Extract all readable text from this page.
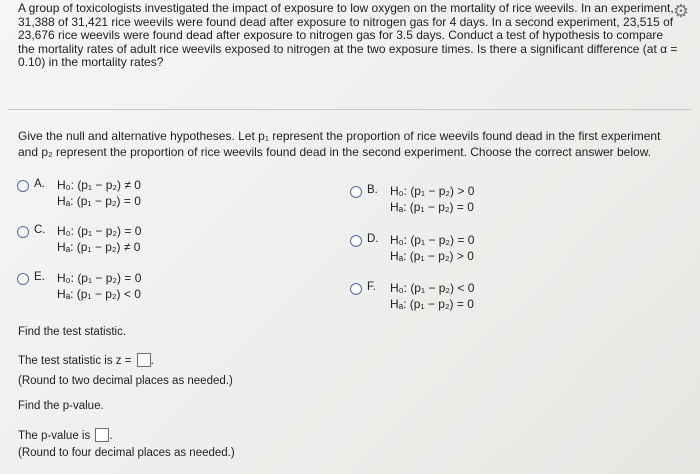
⚙
A group of toxicologists investigated the impact of exposure to low oxygen on the mortality of rice weevils. In an experiment, 31,388 of 31,421 rice weevils were found dead after exposure to nitrogen gas for 4 days. In a second experiment, 23,515 of 23,676 rice weevils were found dead after exposure to nitrogen gas for 3.5 days. Conduct a test of hypothesis to compare the mortality rates of adult rice weevils exposed to nitrogen at the two exposure times. Is there a significant difference (at α = 0.10) in the mortality rates?
Give the null and alternative hypotheses. Let p₁ represent the proportion of rice weevils found dead in the first experiment and p₂ represent the proportion of rice weevils found dead in the second experiment. Choose the correct answer below.
A. H₀: (p₁ − p₂) ≠ 0
Hₐ: (p₁ − p₂) = 0
B. H₀: (p₁ − p₂) > 0
Hₐ: (p₁ − p₂) = 0
C. H₀: (p₁ − p₂) = 0
Hₐ: (p₁ − p₂) ≠ 0
D. H₀: (p₁ − p₂) = 0
Hₐ: (p₁ − p₂) > 0
E. H₀: (p₁ − p₂) = 0
Hₐ: (p₁ − p₂) < 0	F. H₀: (p₁ − p₂) < 0
Hₐ: (p₁ − p₂) = 0
Find the test statistic.
The test statistic is z = .
(Round to two decimal places as needed.)
Find the p-value.
The p-value is .
(Round to four decimal places as needed.)
